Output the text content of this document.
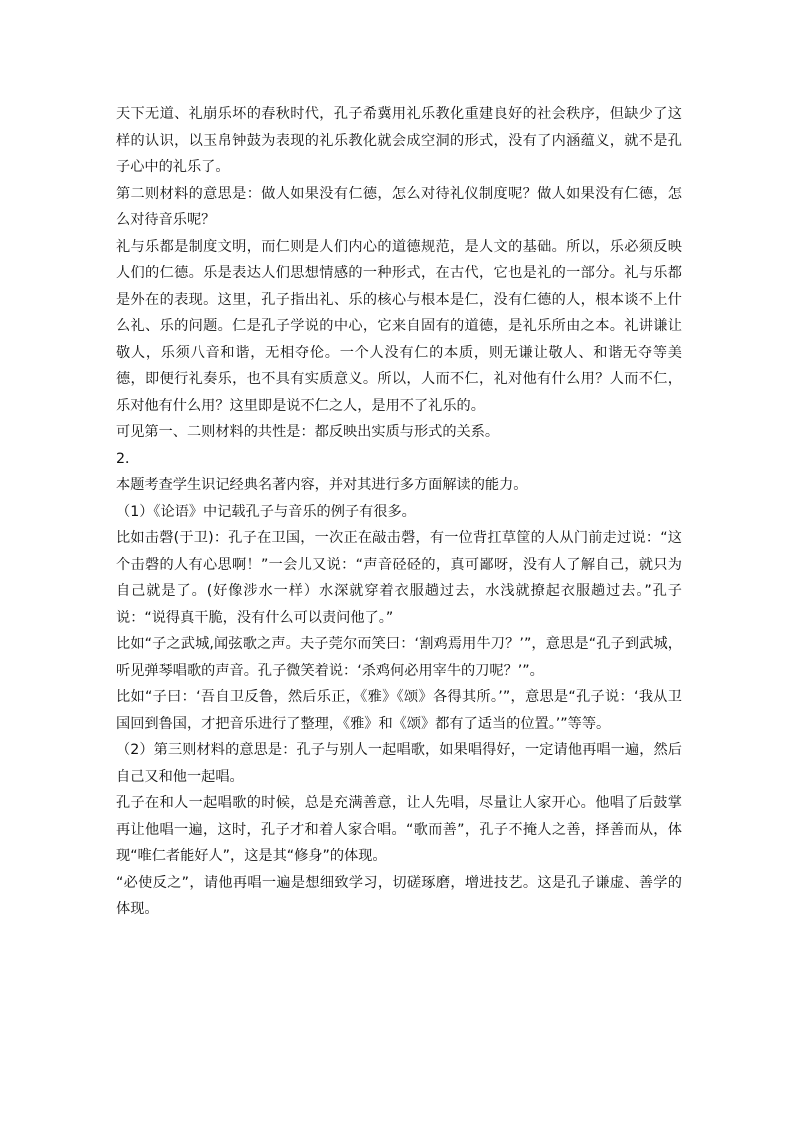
天下无道、礼崩乐坏的春秋时代，孔子希冀用礼乐教化重建良好的社会秩序，但缺少了这样的认识，以玉帛钟鼓为表现的礼乐教化就会成空洞的形式，没有了内涵蕴义，就不是孔子心中的礼乐了。

第二则材料的意思是：做人如果没有仁德，怎么对待礼仪制度呢？做人如果没有仁德，怎么对待音乐呢？

礼与乐都是制度文明，而仁则是人们内心的道德规范，是人文的基础。所以，乐必须反映人们的仁德。乐是表达人们思想情感的一种形式，在古代，它也是礼的一部分。礼与乐都是外在的表现。这里，孔子指出礼、乐的核心与根本是仁，没有仁德的人，根本谈不上什么礼、乐的问题。仁是孔子学说的中心，它来自固有的道德，是礼乐所由之本。礼讲谦让敬人，乐须八音和谐，无相夺伦。一个人没有仁的本质，则无谦让敬人、和谐无夺等美德，即便行礼奏乐，也不具有实质意义。所以，人而不仁，礼对他有什么用？人而不仁，乐对他有什么用？这里即是说不仁之人，是用不了礼乐的。

可见第一、二则材料的共性是：都反映出实质与形式的关系。

2．

本题考查学生识记经典名著内容，并对其进行多方面解读的能力。

（1）《论语》中记载孔子与音乐的例子有很多。

比如击磬(于卫)：孔子在卫国，一次正在敲击磬，有一位背扛草筐的人从门前走过说：“这个击磬的人有心思啊！”一会儿又说：“声音硁硁的，真可鄙呀，没有人了解自己，就只为自己就是了。(好像涉水一样）水深就穿着衣服趟过去，水浅就撩起衣服趟过去。”孔子说：“说得真干脆，没有什么可以责问他了。”

比如“子之武城,闻弦歌之声。夫子莞尔而笑曰：‘割鸡焉用牛刀？’”，意思是“孔子到武城，听见弹琴唱歌的声音。孔子微笑着说：‘杀鸡何必用宰牛的刀呢？’”。

比如“子曰：‘吾自卫反鲁，然后乐正，《雅》《颂》各得其所。’”，意思是“孔子说：‘我从卫国回到鲁国，才把音乐进行了整理，《雅》和《颂》都有了适当的位置。’”等等。

（2）第三则材料的意思是：孔子与别人一起唱歌，如果唱得好，一定请他再唱一遍，然后自己又和他一起唱。

孔子在和人一起唱歌的时候，总是充满善意，让人先唱，尽量让人家开心。他唱了后鼓掌再让他唱一遍，这时，孔子才和着人家合唱。“歌而善”，孔子不掩人之善，择善而从，体现“唯仁者能好人”，这是其“修身”的体现。

“必使反之”，请他再唱一遍是想细致学习，切磋琢磨，增进技艺。这是孔子谦虚、善学的体现。
